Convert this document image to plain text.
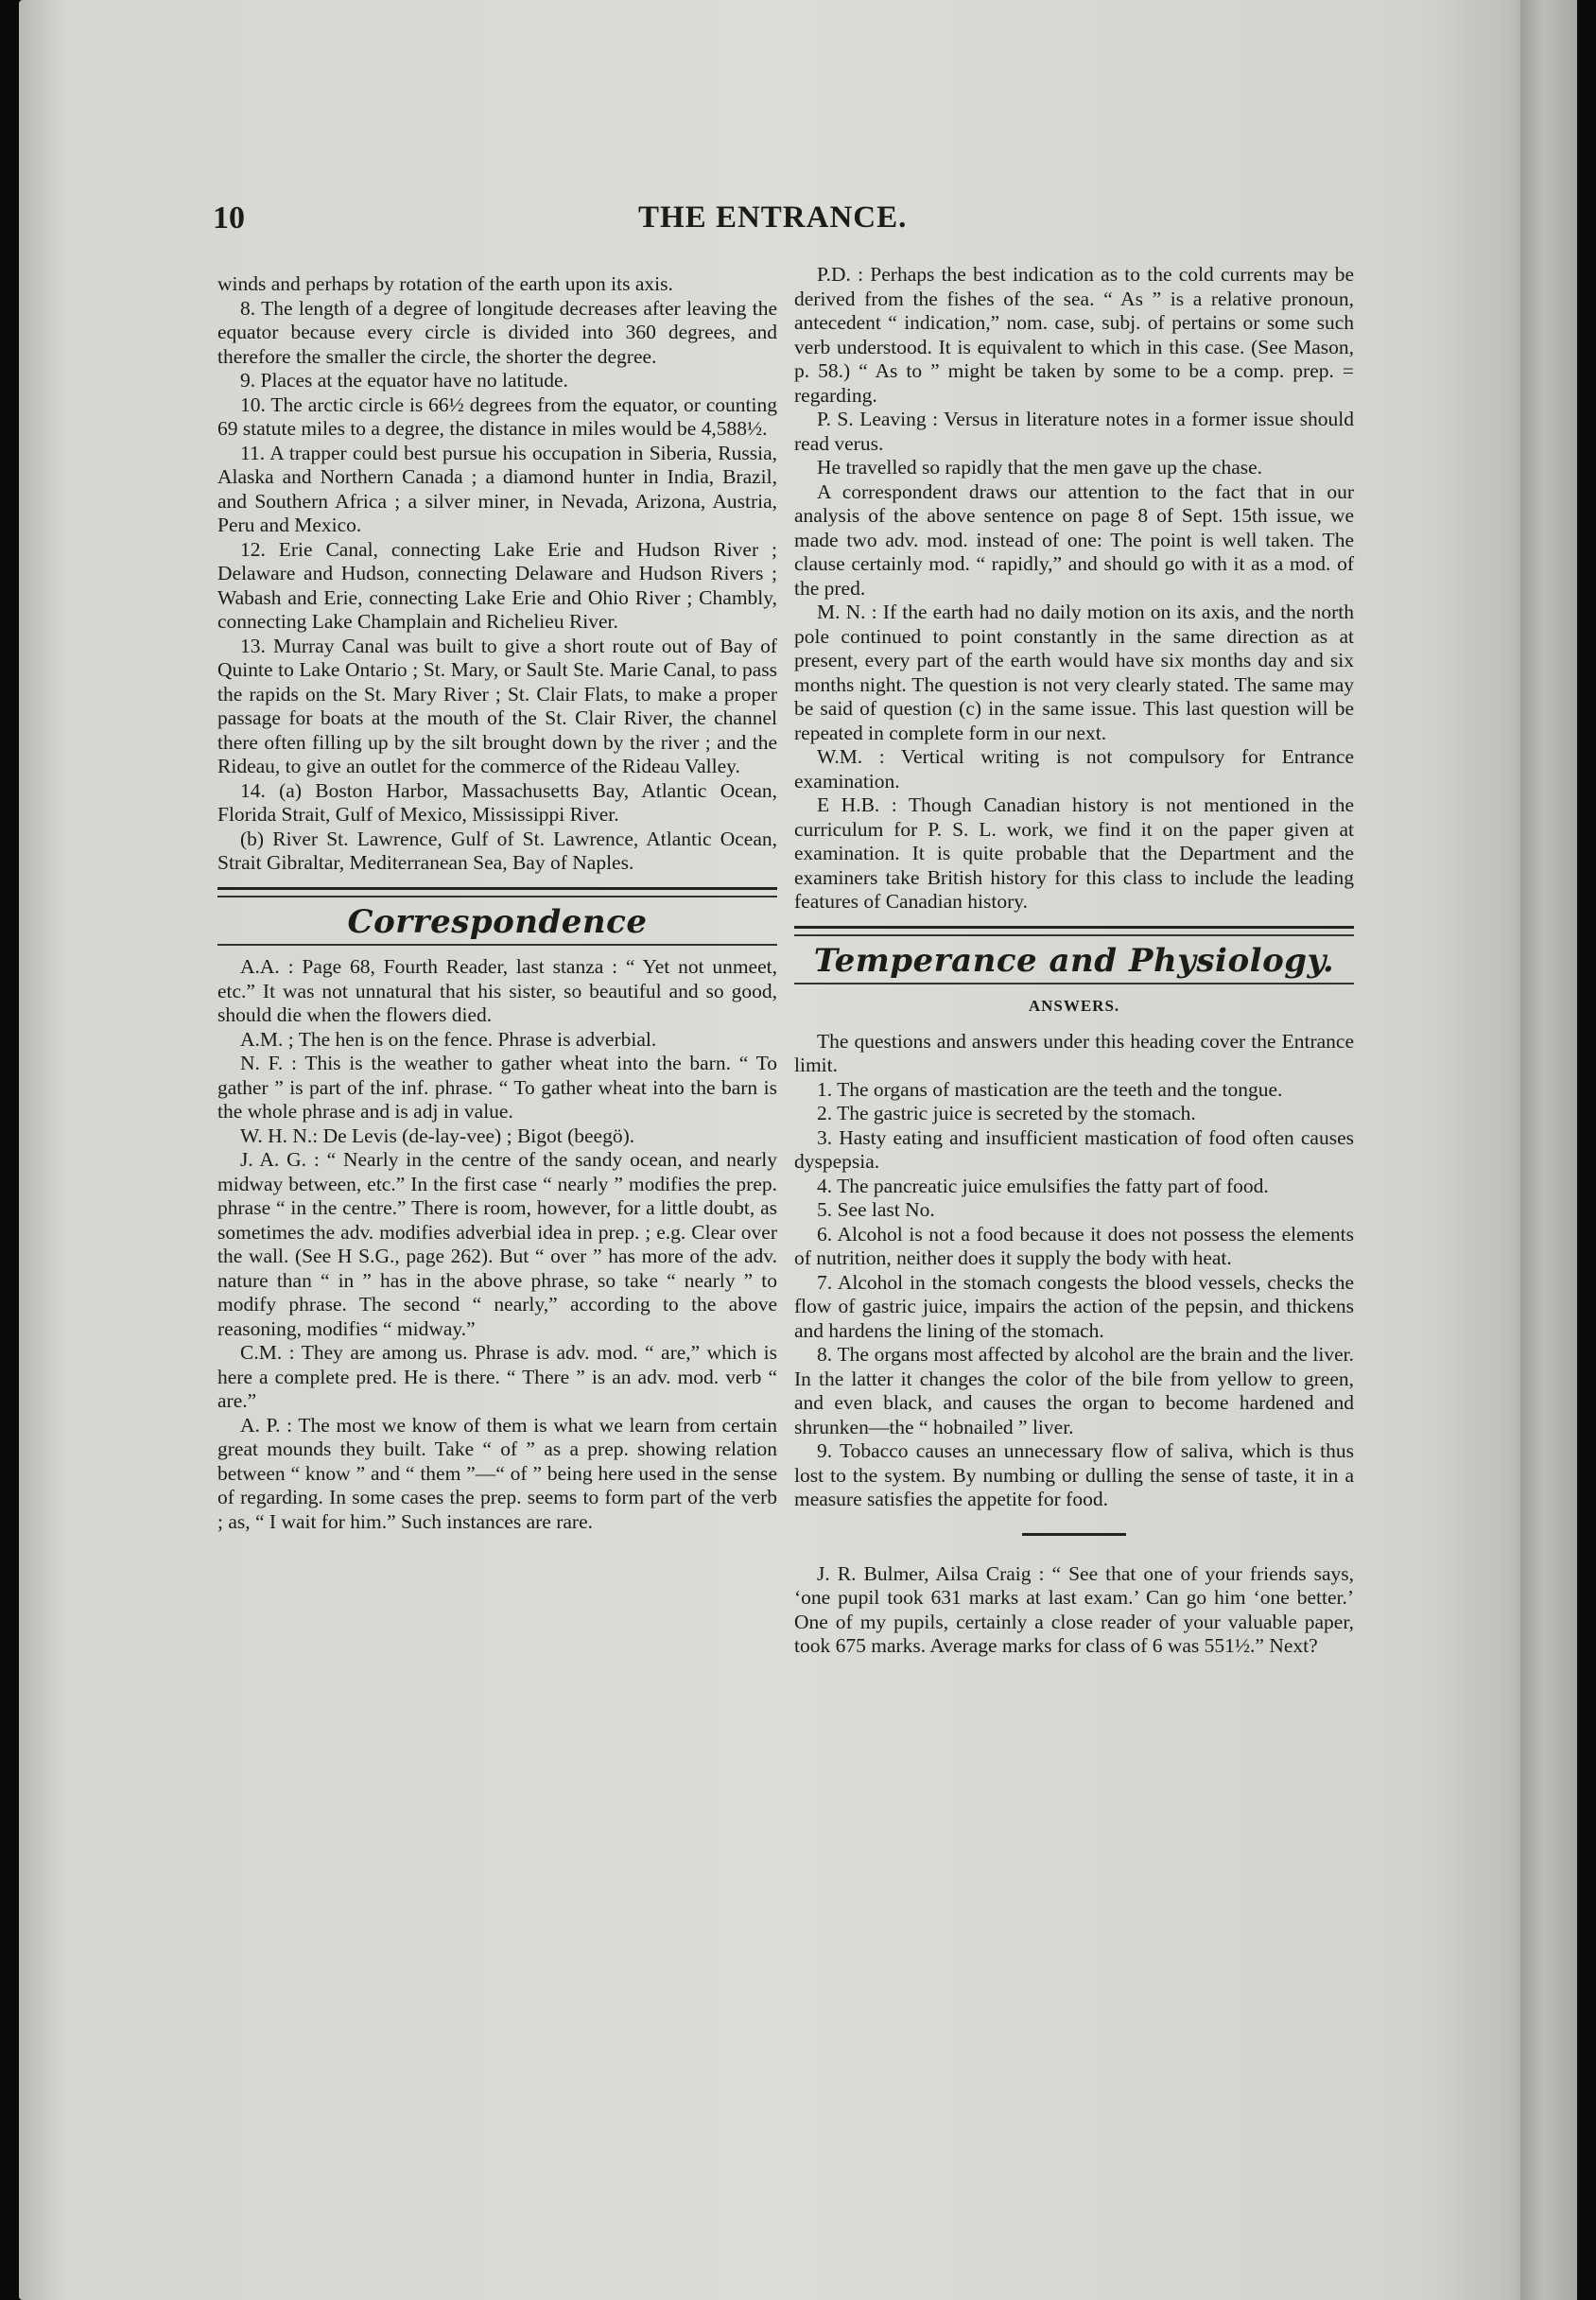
10	THE ENTRANCE.

winds and perhaps by rotation of the earth upon its axis.

8. The length of a degree of longitude decreases after leaving the equator because every circle is divided into 360 degrees, and therefore the smaller the circle, the shorter the degree.

9. Places at the equator have no latitude.

10. The arctic circle is 66½ degrees from the equator, or counting 69 statute miles to a degree, the distance in miles would be 4,588½.

11. A trapper could best pursue his occupation in Siberia, Russia, Alaska and Northern Canada ; a diamond hunter in India, Brazil, and Southern Africa ; a silver miner, in Nevada, Arizona, Austria, Peru and Mexico.

12. Erie Canal, connecting Lake Erie and Hudson River ; Delaware and Hudson, connecting Delaware and Hudson Rivers ; Wabash and Erie, connecting Lake Erie and Ohio River ; Chambly, connecting Lake Champlain and Richelieu River.

13. Murray Canal was built to give a short route out of Bay of Quinte to Lake Ontario ; St. Mary, or Sault Ste. Marie Canal, to pass the rapids on the St. Mary River ; St. Clair Flats, to make a proper passage for boats at the mouth of the St. Clair River, the channel there often filling up by the silt brought down by the river ; and the Rideau, to give an outlet for the commerce of the Rideau Valley.

14. (a) Boston Harbor, Massachusetts Bay, Atlantic Ocean, Florida Strait, Gulf of Mexico, Mississippi River.

(b) River St. Lawrence, Gulf of St. Lawrence, Atlantic Ocean, Strait Gibraltar, Mediterranean Sea, Bay of Naples.

Correspondence

A.A. : Page 68, Fourth Reader, last stanza : “ Yet not unmeet, etc.” It was not unnatural that his sister, so beautiful and so good, should die when the flowers died.

A.M. ; The hen is on the fence. Phrase is adverbial.

N. F. : This is the weather to gather wheat into the barn. “ To gather ” is part of the inf. phrase. “ To gather wheat into the barn is the whole phrase and is adj in value.

W. H. N.: De Levis (de-lay-vee) ; Bigot (beegö).

J. A. G. : “ Nearly in the centre of the sandy ocean, and nearly midway between, etc.” In the first case “ nearly ” modifies the prep. phrase “ in the centre.” There is room, however, for a little doubt, as sometimes the adv. modifies adverbial idea in prep. ; e.g. Clear over the wall. (See H S.G., page 262). But “ over ” has more of the adv. nature than “ in ” has in the above phrase, so take “ nearly ” to modify phrase. The second “ nearly,” according to the above reasoning, modifies “ midway.”

C.M. : They are among us. Phrase is adv. mod. “ are,” which is here a complete pred. He is there. “ There ” is an adv. mod. verb “ are.”

A. P. : The most we know of them is what we learn from certain great mounds they built. Take “ of ” as a prep. showing relation between “ know ” and “ them ”—“ of ” being here used in the sense of regarding. In some cases the prep. seems to form part of the verb ; as, “ I wait for him.” Such instances are rare.

P.D. : Perhaps the best indication as to the cold currents may be derived from the fishes of the sea. “ As ” is a relative pronoun, antecedent “ indication,” nom. case, subj. of pertains or some such verb understood. It is equivalent to which in this case. (See Mason, p. 58.) “ As to ” might be taken by some to be a comp. prep. = regarding.

P. S. Leaving : Versus in literature notes in a former issue should read verus.

He travelled so rapidly that the men gave up the chase.

A correspondent draws our attention to the fact that in our analysis of the above sentence on page 8 of Sept. 15th issue, we made two adv. mod. instead of one: The point is well taken. The clause certainly mod. “ rapidly,” and should go with it as a mod. of the pred.

M. N. : If the earth had no daily motion on its axis, and the north pole continued to point constantly in the same direction as at present, every part of the earth would have six months day and six months night. The question is not very clearly stated. The same may be said of question (c) in the same issue. This last question will be repeated in complete form in our next.

W.M. : Vertical writing is not compulsory for Entrance examination.

E H.B. : Though Canadian history is not mentioned in the curriculum for P. S. L. work, we find it on the paper given at examination. It is quite probable that the Department and the examiners take British history for this class to include the leading features of Canadian history.

Temperance and Physiology.
ANSWERS.

The questions and answers under this heading cover the Entrance limit.

1. The organs of mastication are the teeth and the tongue.

2. The gastric juice is secreted by the stomach.

3. Hasty eating and insufficient mastication of food often causes dyspepsia.

4. The pancreatic juice emulsifies the fatty part of food.

5. See last No.

6. Alcohol is not a food because it does not possess the elements of nutrition, neither does it supply the body with heat.

7. Alcohol in the stomach congests the blood vessels, checks the flow of gastric juice, impairs the action of the pepsin, and thickens and hardens the lining of the stomach.

8. The organs most affected by alcohol are the brain and the liver. In the latter it changes the color of the bile from yellow to green, and even black, and causes the organ to become hardened and shrunken—the “ hobnailed ” liver.

9. Tobacco causes an unnecessary flow of saliva, which is thus lost to the system. By numbing or dulling the sense of taste, it in a measure satisfies the appetite for food.

J. R. Bulmer, Ailsa Craig : “ See that one of your friends says, ‘one pupil took 631 marks at last exam.’ Can go him ‘one better.’ One of my pupils, certainly a close reader of your valuable paper, took 675 marks. Average marks for class of 6 was 551½.” Next?
